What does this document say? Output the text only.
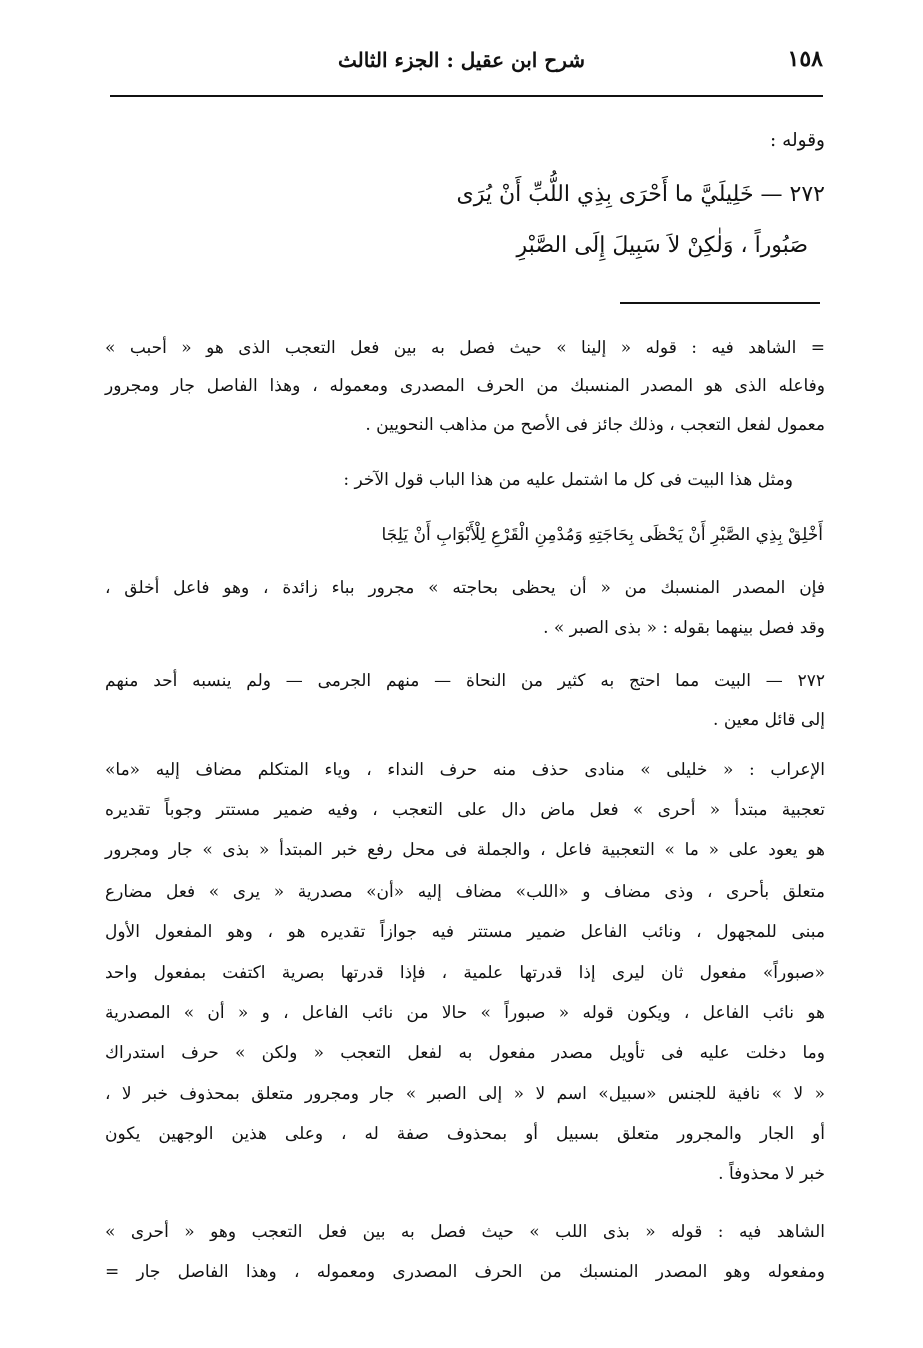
١٥٨
شرح ابن عقيل : الجزء الثالث
وقوله :
٢٧٢ — خَلِيلَيَّ ما أَحْرَى بِذِي اللُّبِّ أَنْ يُرَى
صَبُوراً ، وَلٰكِنْ لاَ سَبِيلَ إِلَى الصَّبْرِ
= الشاهد فيه : قوله « إلينا » حيث فصل به بين فعل التعجب الذى هو « أحبب »
وفاعله الذى هو المصدر المنسبك من الحرف المصدرى ومعموله ، وهذا الفاصل جار ومجرور
معمول لفعل التعجب ، وذلك جائز فى الأصح من مذاهب النحويين .
ومثل هذا البيت فى كل ما اشتمل عليه من هذا الباب قول الآخر :
أَخْلِقْ بِذِي الصَّبْرِ أَنْ يَحْظَى بِحَاجَتِهِ وَمُدْمِنِ الْقَرْعِ لِلْأَبْوَابِ أَنْ يَلِجَا
فإن المصدر المنسبك من « أن يحظى بحاجته » مجرور بباء زائدة ، وهو فاعل أخلق ،
وقد فصل بينهما بقوله : « بذى الصبر » .
٢٧٢ — البيت مما احتج به كثير من النحاة — منهم الجرمى — ولم ينسبه أحد منهم
إلى قائل معين .
الإعراب : « خليلى » منادى حذف منه حرف النداء ، وياء المتكلم مضاف إليه «ما»
تعجبية مبتدأ « أحرى » فعل ماض دال على التعجب ، وفيه ضمير مستتر وجوباً تقديره
هو يعود على « ما » التعجبية فاعل ، والجملة فى محل رفع خبر المبتدأ « بذى » جار ومجرور
متعلق بأحرى ، وذى مضاف و «اللب» مضاف إليه «أن» مصدرية « يرى » فعل مضارع
مبنى للمجهول ، ونائب الفاعل ضمير مستتر فيه جوازاً تقديره هو ، وهو المفعول الأول
«صبوراً» مفعول ثان ليرى إذا قدرتها علمية ، فإذا قدرتها بصرية اكتفت بمفعول واحد
هو نائب الفاعل ، ويكون قوله « صبوراً » حالا من نائب الفاعل ، و « أن » المصدرية
وما دخلت عليه فى تأويل مصدر مفعول به لفعل التعجب « ولكن » حرف استدراك
« لا » نافية للجنس «سبيل» اسم لا « إلى الصبر » جار ومجرور متعلق بمحذوف خبر لا ،
أو الجار والمجرور متعلق بسبيل أو بمحذوف صفة له ، وعلى هذين الوجهين يكون
خبر لا محذوفاً .
الشاهد فيه : قوله « بذى اللب » حيث فصل به بين فعل التعجب وهو « أحرى »
ومفعوله وهو المصدر المنسبك من الحرف المصدرى ومعموله ، وهذا الفاصل جار =
